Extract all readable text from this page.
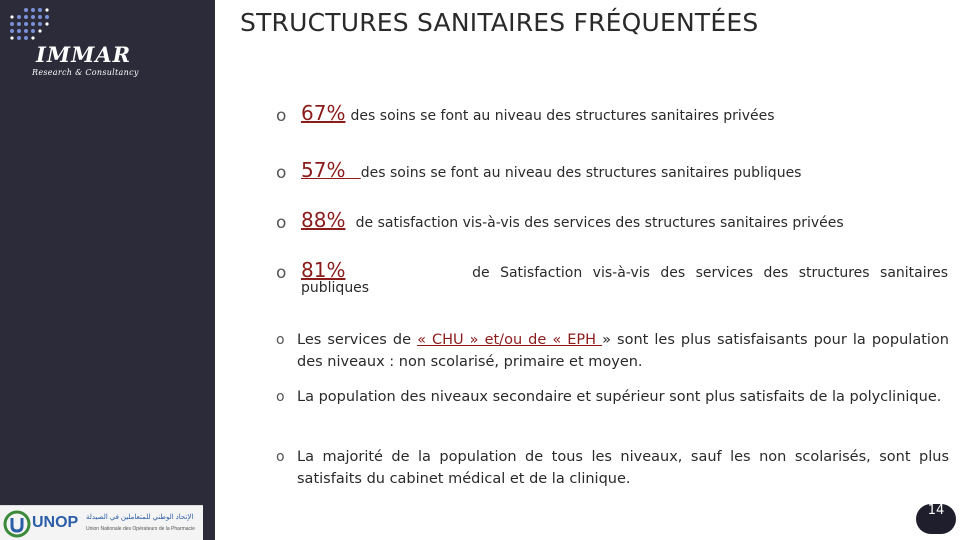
IMMAR
Research & Consultancy
UNOP الإتحاد الوطني للمتعاملين في الصيدلة
Union Nationale des Opérateurs de la Pharmacie
STRUCTURES SANITAIRES FRÉQUENTÉES
o 67% des soins se font au niveau des structures sanitaires privées
o 57% des soins se font au niveau des structures sanitaires publiques
o 88% de satisfaction vis-à-vis des services des structures sanitaires privées
o 81%	de Satisfaction vis-à-vis des services des structures sanitaires
publiques
o Les services de « CHU » et/ou de « EPH » sont les plus satisfaisants pour la population des niveaux : non scolarisé, primaire et moyen.
o La population des niveaux secondaire et supérieur sont plus satisfaits de la polyclinique.
o La majorité de la population de tous les niveaux, sauf les non scolarisés, sont plus satisfaits du cabinet médical et de la clinique.
14
